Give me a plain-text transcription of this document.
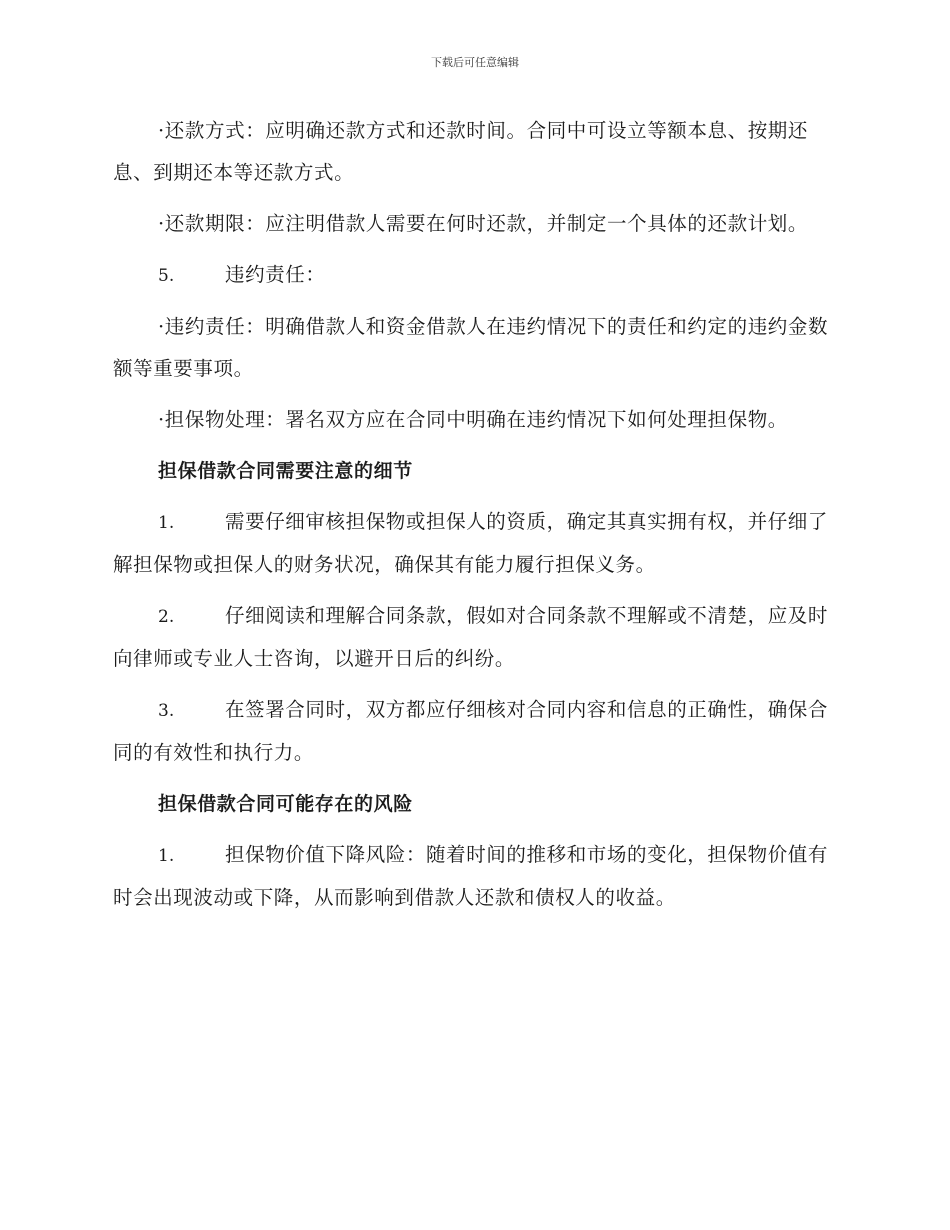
下载后可任意编辑

·还款方式：应明确还款方式和还款时间。合同中可设立等额本息、按期还息、到期还本等还款方式。

·还款期限：应注明借款人需要在何时还款，并制定一个具体的还款计划。

5.	违约责任：

·违约责任：明确借款人和资金借款人在违约情况下的责任和约定的违约金数额等重要事项。

·担保物处理：署名双方应在合同中明确在违约情况下如何处理担保物。

担保借款合同需要注意的细节

1.	需要仔细审核担保物或担保人的资质，确定其真实拥有权，并仔细了解担保物或担保人的财务状况，确保其有能力履行担保义务。

2.	仔细阅读和理解合同条款，假如对合同条款不理解或不清楚，应及时向律师或专业人士咨询，以避开日后的纠纷。

3.	在签署合同时，双方都应仔细核对合同内容和信息的正确性，确保合同的有效性和执行力。

担保借款合同可能存在的风险

1.	担保物价值下降风险：随着时间的推移和市场的变化，担保物价值有时会出现波动或下降，从而影响到借款人还款和债权人的收益。
